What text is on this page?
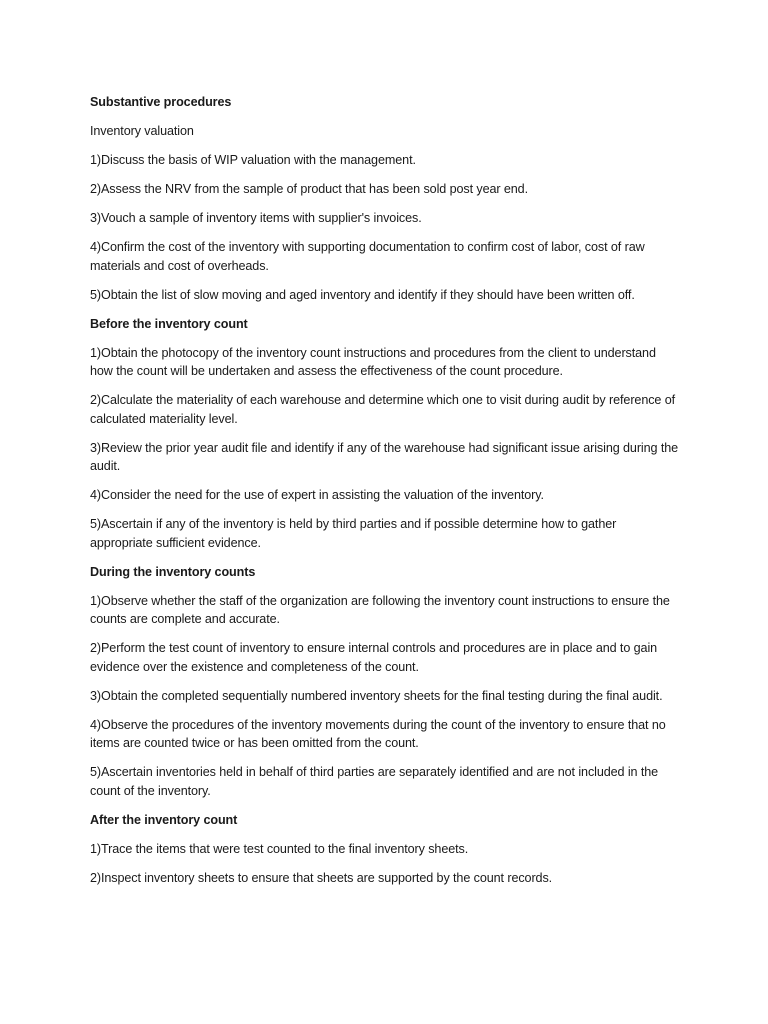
Substantive procedures

Inventory valuation

1)Discuss the basis of WIP valuation with the management.

2)Assess the NRV from the sample of product that has been sold post year end.

3)Vouch a sample of inventory items with supplier's invoices.

4)Confirm the cost of the inventory with supporting documentation to confirm cost of labor, cost of raw materials and cost of overheads.

5)Obtain the list of slow moving and aged inventory and identify if they should have been written off.

Before the inventory count

1)Obtain the photocopy of the inventory count instructions and procedures from the client to understand how the count will be undertaken and assess the effectiveness of the count procedure.

2)Calculate the materiality of each warehouse and determine which one to visit during audit by reference of calculated materiality level.

3)Review the prior year audit file and identify if any of the warehouse had significant issue arising during the audit.

4)Consider the need for the use of expert in assisting the valuation of the inventory.

5)Ascertain if any of the inventory is held by third parties and if possible determine how to gather appropriate sufficient evidence.

During the inventory counts

1)Observe whether the staff of the organization are following the inventory count instructions to ensure the counts are complete and accurate.

2)Perform the test count of inventory to ensure internal controls and procedures are in place and to gain evidence over the existence and completeness of the count.

3)Obtain the completed sequentially numbered inventory sheets for the final testing during the final audit.

4)Observe the procedures of the inventory movements during the count of the inventory to ensure that no items are counted twice or has been omitted from the count.

5)Ascertain inventories held in behalf of third parties are separately identified and are not included in the count of the inventory.

After the inventory count

1)Trace the items that were test counted to the final inventory sheets.

2)Inspect inventory sheets to ensure that sheets are supported by the count records.
